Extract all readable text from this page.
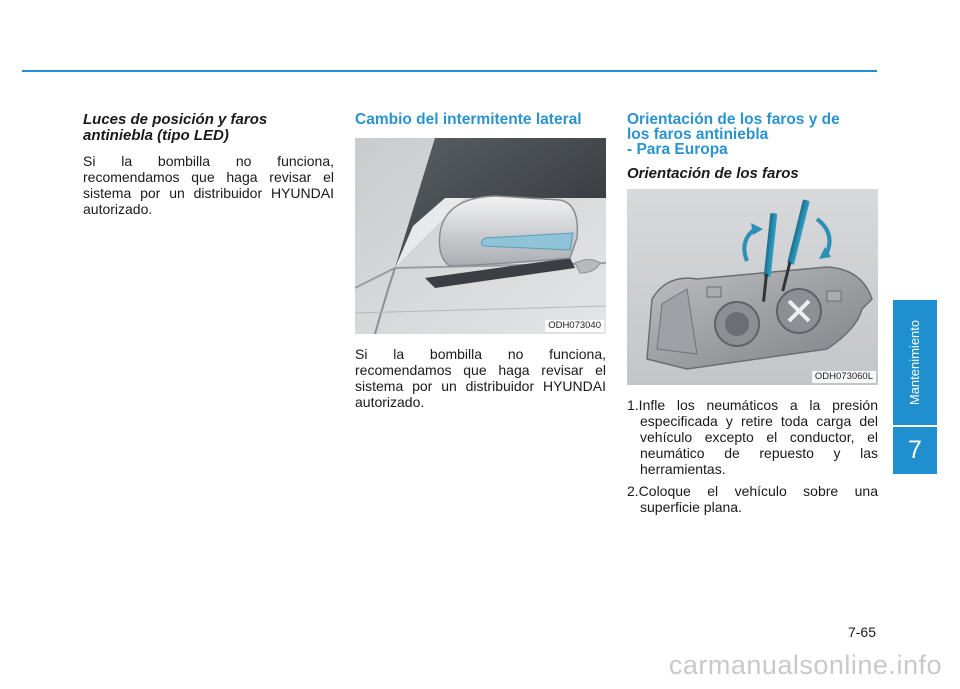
Luces de posición y faros antiniebla (tipo LED)

Si la bombilla no funciona, recomendamos que haga revisar el sistema por un distribuidor HYUNDAI autorizado.

Cambio del intermitente lateral
ODH073040

Si la bombilla no funciona, recomendamos que haga revisar el sistema por un distribuidor HYUNDAI autorizado.

Orientación de los faros y de
los faros antiniebla
- Para Europa
Orientación de los faros
ODH073060L
1.Infle los neumáticos a la presión especificada y retire toda carga del vehículo excepto el conductor, el neumático de repuesto y las herramientas.
2.Coloque el vehículo sobre una superficie plana.
Mantenimiento
7
7-65
carmanualsonline.info
